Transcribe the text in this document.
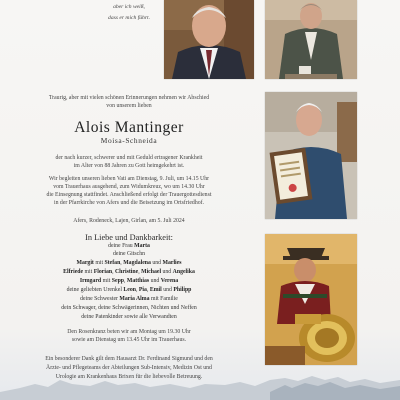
aber ich weiß,
dass er mich führt.
Traurig, aber mit vielen schönen Erinnerungen nehmen wir Abschied
von unserem lieben
Alois Mantinger
Moisa-Schneida
der nach kurzer, schwerer und mit Geduld ertragener Krankheit
im Alter von 88 Jahren zu Gott heimgekehrt ist.
Wir begleiten unseren lieben Vati am Dienstag, 9. Juli, um 14.15 Uhr
vom Trauerhaus ausgehend, zum Widumkreuz, wo um 14.30 Uhr
die Einsegnung stattfindet. Anschließend erfolgt der Trauergottesdienst
in der Pfarrkirche von Afers und die Beisetzung im Ortsfriedhof.
Afers, Rodeneck, Lajen, Girlan, am 5. Juli 2024
In Liebe und Dankbarkeit:
deine Frau Marta
deine Gitschn
Margit mit Stefan, Magdalena und Marlies
Elfriede mit Florian, Christine, Michael und Angelika
Irmgard mit Sepp, Matthias und Verena
deine geliebten Urenkel Leon, Pia, Emil und Philipp
deine Schwester Maria Alma mit Familie
dein Schwager, deine Schwägerinnen, Nichten und Neffen
deine Patenkinder sowie alle Verwandten
Den Rosenkranz beten wir am Montag um 19.30 Uhr
sowie am Dienstag um 13.45 Uhr im Trauerhaus.
Ein besonderer Dank gilt dem Hausarzt Dr. Ferdinand Sigmund und den
Ärzte- und Pflegeteams der Abteilungen Sub-Intensiv, Medizin Ost und
Urologie am Krankenhaus Brixen für die liebevolle Betreuung.
